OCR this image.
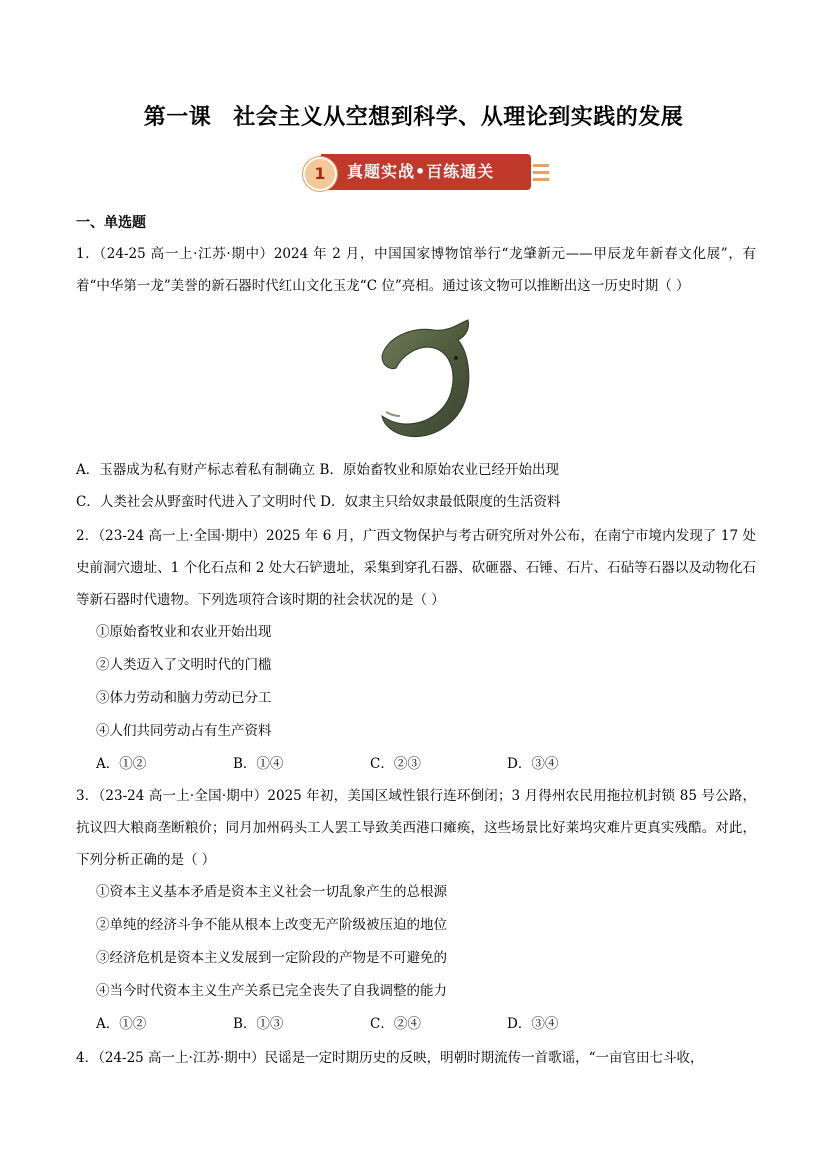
第一课 社会主义从空想到科学、从理论到实践的发展
1	真题实战•百练通关
一、单选题

1．（24-25 高一上·江苏·期中）2024 年 2 月，中国国家博物馆举行“龙肇新元——甲辰龙年新春文化展”，有着“中华第一龙”美誉的新石器时代红山文化玉龙“C 位”亮相。通过该文物可以推断出这一历史时期（ ）

A．玉器成为私有财产标志着私有制确立 B．原始畜牧业和原始农业已经开始出现

C．人类社会从野蛮时代进入了文明时代 D．奴隶主只给奴隶最低限度的生活资料

2．（23-24 高一上·全国·期中）2025 年 6 月，广西文物保护与考古研究所对外公布，在南宁市境内发现了 17 处史前洞穴遗址、1 个化石点和 2 处大石铲遗址，采集到穿孔石器、砍砸器、石锤、石片、石砧等石器以及动物化石等新石器时代遗物。下列选项符合该时期的社会状况的是（ ）

①原始畜牧业和农业开始出现

②人类迈入了文明时代的门槛

③体力劳动和脑力劳动已分工

④人们共同劳动占有生产资料

A．①②	B．①④	C．②③	D．③④

3．（23-24 高一上·全国·期中）2025 年初，美国区域性银行连环倒闭；3 月得州农民用拖拉机封锁 85 号公路，抗议四大粮商垄断粮价；同月加州码头工人罢工导致美西港口瘫痪，这些场景比好莱坞灾难片更真实残酷。对此，下列分析正确的是（ ）

①资本主义基本矛盾是资本主义社会一切乱象产生的总根源

②单纯的经济斗争不能从根本上改变无产阶级被压迫的地位

③经济危机是资本主义发展到一定阶段的产物是不可避免的

④当今时代资本主义生产关系已完全丧失了自我调整的能力

A．①②	B．①③	C．②④	D．③④

4．（24-25 高一上·江苏·期中）民谣是一定时期历史的反映，明朝时期流传一首歌谣，“一亩官田七斗收，
